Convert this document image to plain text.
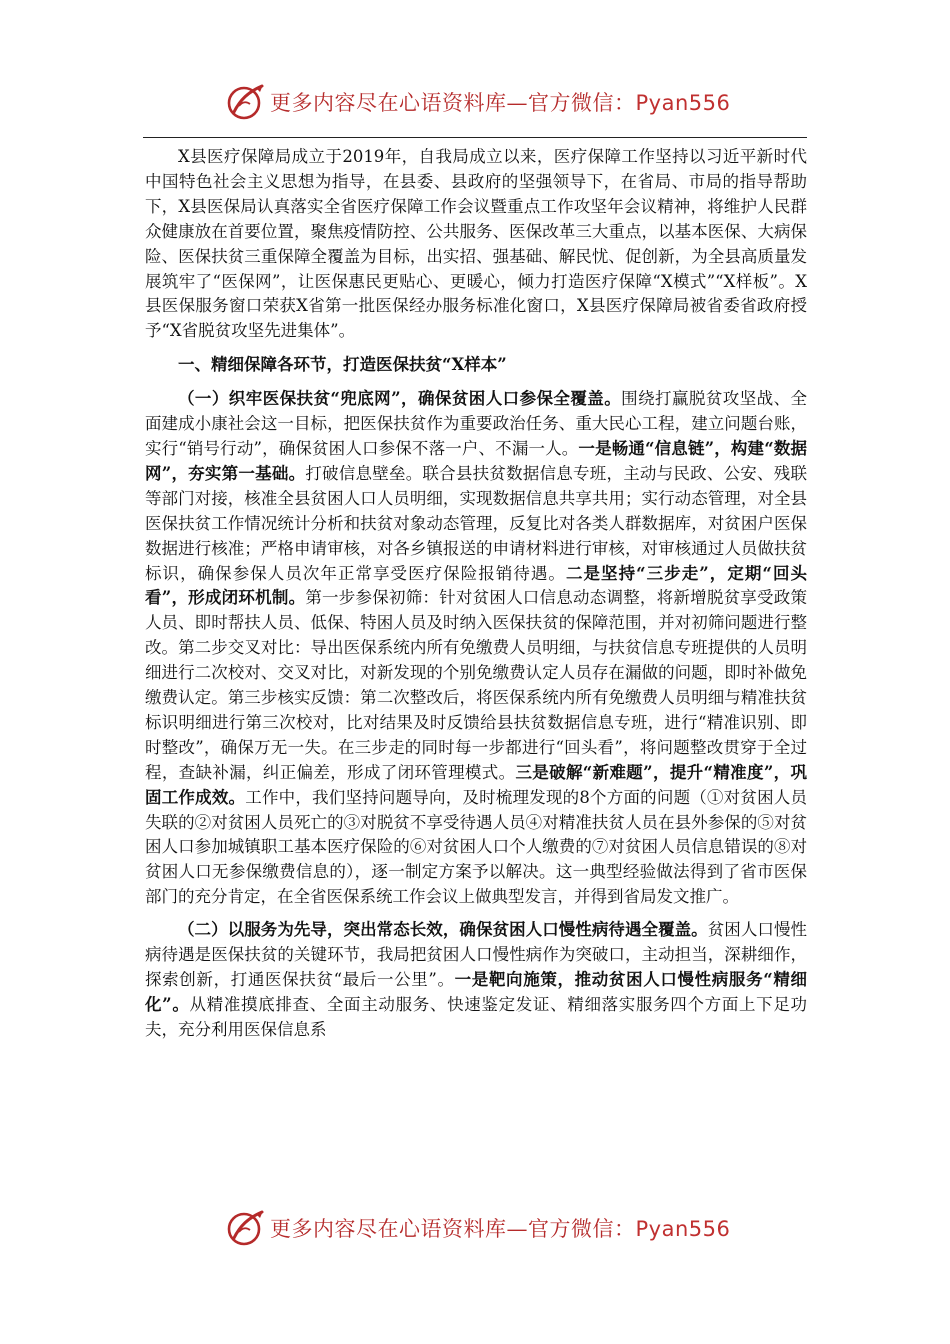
更多内容尽在心语资料库—官方微信：Pyan556

X县医疗保障局成立于2019年，自我局成立以来，医疗保障工作坚持以习近平新时代中国特色社会主义思想为指导，在县委、县政府的坚强领导下，在省局、市局的指导帮助下，X县医保局认真落实全省医疗保障工作会议暨重点工作攻坚年会议精神，将维护人民群众健康放在首要位置，聚焦疫情防控、公共服务、医保改革三大重点，以基本医保、大病保险、医保扶贫三重保障全覆盖为目标，出实招、强基础、解民忧、促创新，为全县高质量发展筑牢了“医保网”，让医保惠民更贴心、更暖心，倾力打造医疗保障“X模式”“X样板”。X县医保服务窗口荣获X省第一批医保经办服务标准化窗口，X县医疗保障局被省委省政府授予“X省脱贫攻坚先进集体”。

一、精细保障各环节，打造医保扶贫“X样本”

（一）织牢医保扶贫“兜底网”，确保贫困人口参保全覆盖。围绕打赢脱贫攻坚战、全面建成小康社会这一目标，把医保扶贫作为重要政治任务、重大民心工程，建立问题台账，实行“销号行动”，确保贫困人口参保不落一户、不漏一人。一是畅通“信息链”，构建“数据网”，夯实第一基础。打破信息壁垒。联合县扶贫数据信息专班，主动与民政、公安、残联等部门对接，核准全县贫困人口人员明细，实现数据信息共享共用；实行动态管理，对全县医保扶贫工作情况统计分析和扶贫对象动态管理，反复比对各类人群数据库，对贫困户医保数据进行核准；严格申请审核，对各乡镇报送的申请材料进行审核，对审核通过人员做扶贫标识，确保参保人员次年正常享受医疗保险报销待遇。二是坚持“三步走”，定期“回头看”，形成闭环机制。第一步参保初筛：针对贫困人口信息动态调整，将新增脱贫享受政策人员、即时帮扶人员、低保、特困人员及时纳入医保扶贫的保障范围，并对初筛问题进行整改。第二步交叉对比：导出医保系统内所有免缴费人员明细，与扶贫信息专班提供的人员明细进行二次校对、交叉对比，对新发现的个别免缴费认定人员存在漏做的问题，即时补做免缴费认定。第三步核实反馈：第二次整改后，将医保系统内所有免缴费人员明细与精准扶贫标识明细进行第三次校对，比对结果及时反馈给县扶贫数据信息专班，进行“精准识别、即时整改”，确保万无一失。在三步走的同时每一步都进行“回头看”，将问题整改贯穿于全过程，查缺补漏，纠正偏差，形成了闭环管理模式。三是破解“新难题”，提升“精准度”，巩固工作成效。工作中，我们坚持问题导向，及时梳理发现的8个方面的问题（①对贫困人员失联的②对贫困人员死亡的③对脱贫不享受待遇人员④对精准扶贫人员在县外参保的⑤对贫困人口参加城镇职工基本医疗保险的⑥对贫困人口个人缴费的⑦对贫困人员信息错误的⑧对贫困人口无参保缴费信息的），逐一制定方案予以解决。这一典型经验做法得到了省市医保部门的充分肯定，在全省医保系统工作会议上做典型发言，并得到省局发文推广。

（二）以服务为先导，突出常态长效，确保贫困人口慢性病待遇全覆盖。贫困人口慢性病待遇是医保扶贫的关键环节，我局把贫困人口慢性病作为突破口，主动担当，深耕细作，探索创新，打通医保扶贫“最后一公里”。一是靶向施策，推动贫困人口慢性病服务“精细化”。从精准摸底排查、全面主动服务、快速鉴定发证、精细落实服务四个方面上下足功夫，充分利用医保信息系

更多内容尽在心语资料库—官方微信：Pyan556
